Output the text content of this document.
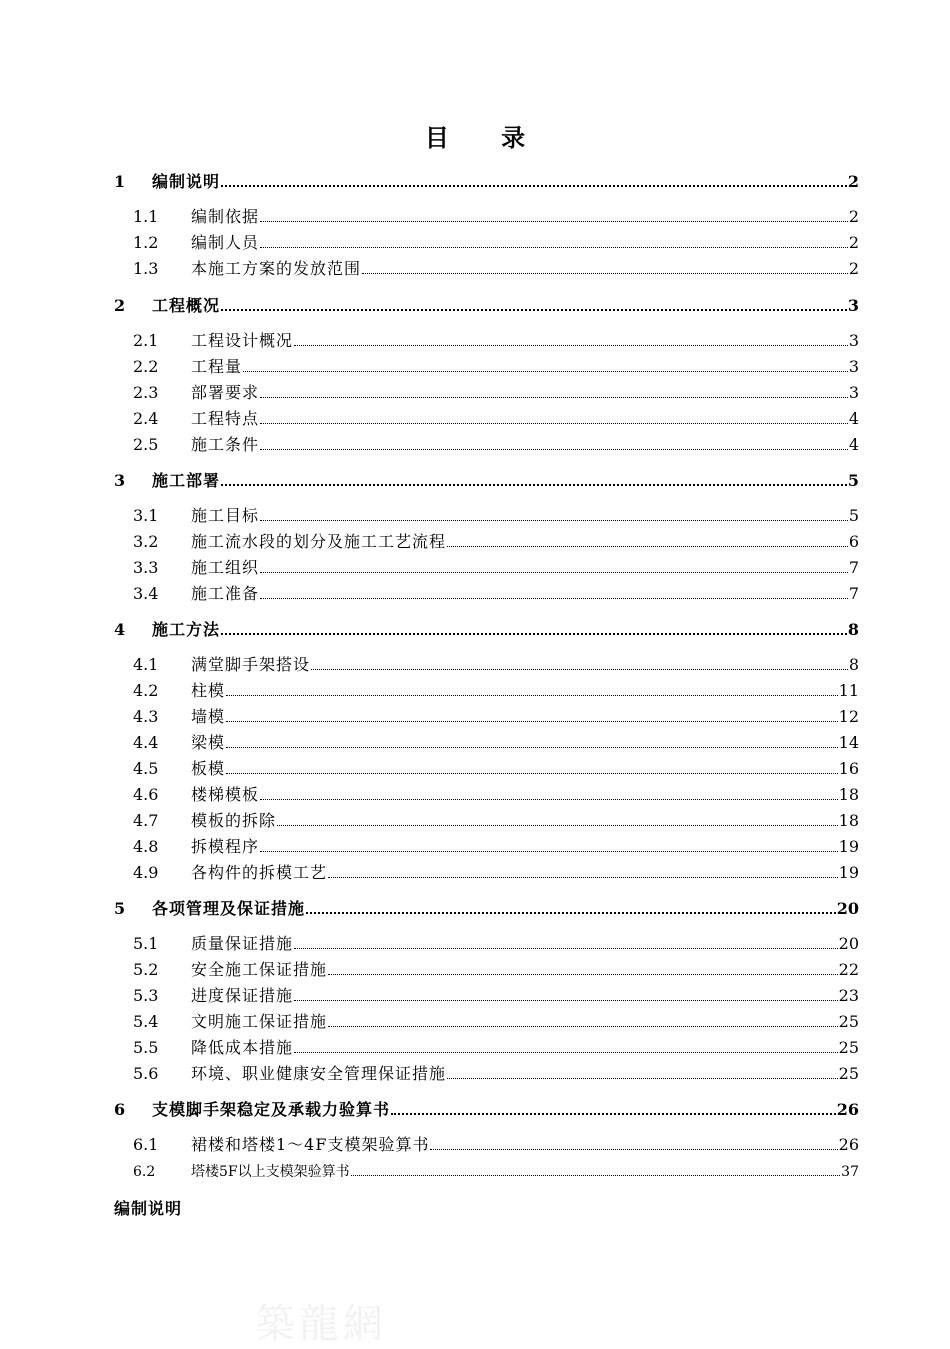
目 录
1	编制说明	2
1.1	编制依据	2
1.2	编制人员	2
1.3	本施工方案的发放范围	2
2	工程概况	3
2.1	工程设计概况	3
2.2	工程量	3
2.3	部署要求	3
2.4	工程特点	4
2.5	施工条件	4
3	施工部署	5
3.1	施工目标	5
3.2	施工流水段的划分及施工工艺流程	6
3.3	施工组织	7
3.4	施工准备	7
4	施工方法	8
4.1	满堂脚手架搭设	8
4.2	柱模	11
4.3	墙模	12
4.4	梁模	14
4.5	板模	16
4.6	楼梯模板	18
4.7	模板的拆除	18
4.8	拆模程序	19
4.9	各构件的拆模工艺	19
5	各项管理及保证措施	20
5.1	质量保证措施	20
5.2	安全施工保证措施	22
5.3	进度保证措施	23
5.4	文明施工保证措施	25
5.5	降低成本措施	25
5.6	环境、职业健康安全管理保证措施	25
6	支模脚手架稳定及承载力验算书	26
6.1	裙楼和塔楼1～4F支模架验算书	26
6.2	塔楼5F以上支模架验算书	37
编制说明
築龍網
